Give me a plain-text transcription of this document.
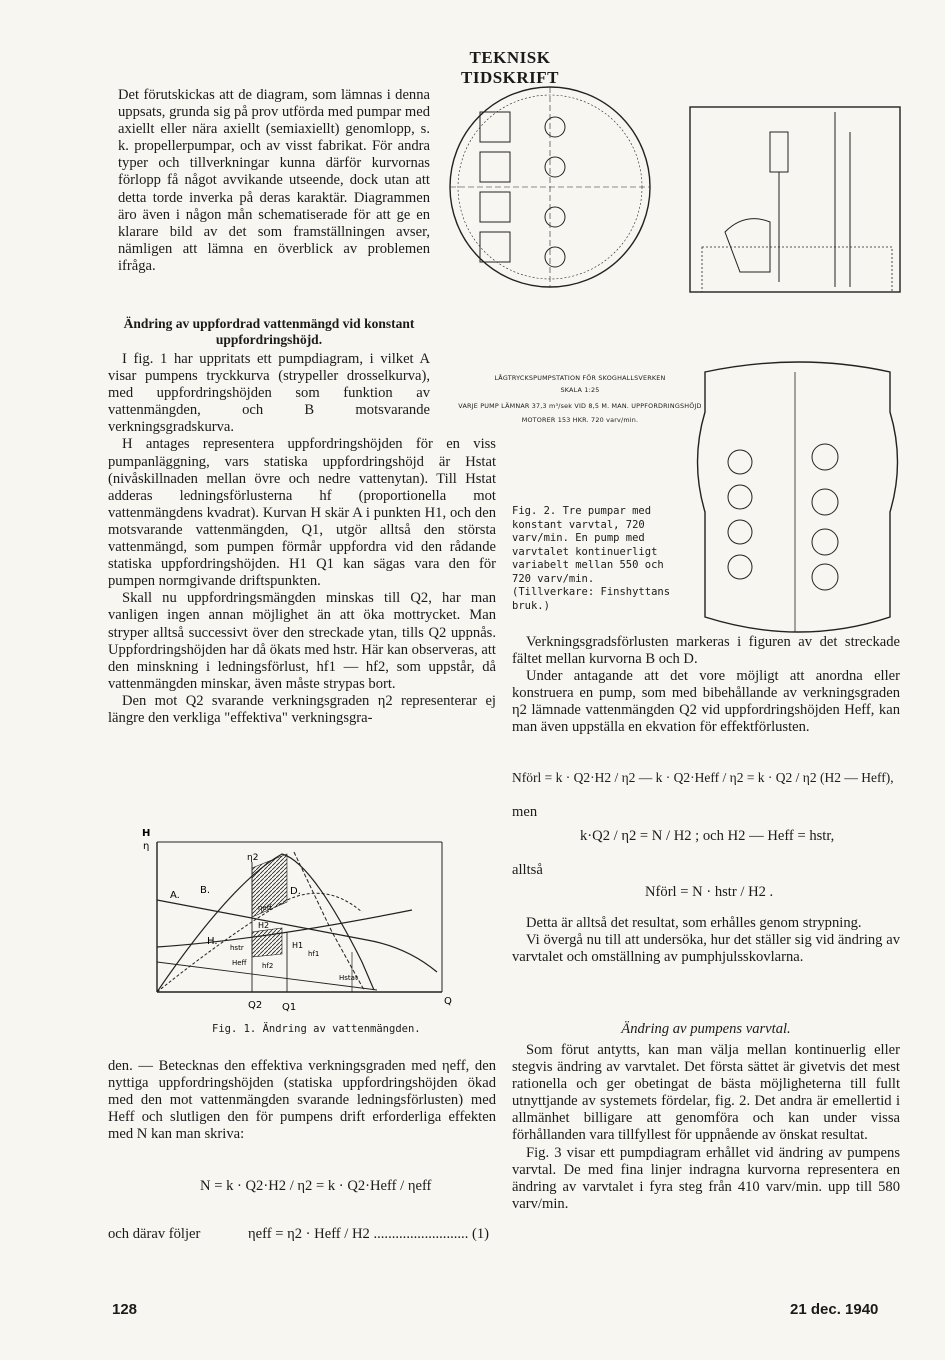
TEKNISK TIDSKRIFT

Det förutskickas att de diagram, som lämnas i denna uppsats, grunda sig på prov utförda med pumpar med axiellt eller nära axiellt (semiaxiellt) genomlopp, s. k. propellerpumpar, och av visst fabrikat. För andra typer och tillverkningar kunna därför kurvornas förlopp få något avvikande utseende, dock utan att detta torde inverka på deras karaktär. Diagrammen äro även i någon mån schematiserade för att ge en klarare bild av det som framställningen avser, nämligen att lämna en överblick av problemen ifråga.

Ändring av uppfordrad vattenmängd vid konstant uppfordringshöjd.

I fig. 1 har uppritats ett pumpdiagram, i vilket A visar pumpens tryckkurva (strypeller drosselkurva), med uppfordringshöjden som funktion av vattenmängden, och B motsvarande verkningsgradskurva.

H antages representera uppfordringshöjden för en viss pumpanläggning, vars statiska uppfordringshöjd är Hstat (nivåskillnaden mellan övre och nedre vattenytan). Till Hstat adderas ledningsförlusterna hf (proportionella mot vattenmängdens kvadrat). Kurvan H skär A i punkten H1, och den motsvarande vattenmängden, Q1, utgör alltså den största vattenmängd, som pumpen förmår uppfordra vid den rådande statiska uppfordringshöjden. H1 Q1 kan sägas vara den för pumpen normgivande driftspunkten.

Skall nu uppfordringsmängden minskas till Q2, har man vanligen ingen annan möjlighet än att öka mottrycket. Man stryper alltså successivt över den streckade ytan, tills Q2 uppnås. Uppfordringshöjden har då ökats med hstr. Här kan observeras, att den minskning i ledningsförlust, hf1 — hf2, som uppstår, då vattenmängden minskar, även måste strypas bort.

Den mot Q2 svarande verkningsgraden η2 representerar ej längre den verkliga "effektiva" verkningsgra-

H
η
A. B.	D.
H.
η2
ηeff
H2
H1
hstr
hf1
hf2
Heff
Hstat
Q2 Q1
Q
Fig. 1. Ändring av vattenmängden.

den. — Betecknas den effektiva verkningsgraden med ηeff, den nyttiga uppfordringshöjden (statiska uppfordringshöjden ökad med den mot vattenmängden svarande ledningsförlusten) med Heff och slutligen den för pumpens drift erforderliga effekten med N kan man skriva:

N = k · Q2·H2 / η2 = k · Q2·Heff / ηeff
och därav följer	ηeff = η2 · Heff / H2 .......................... (1)
LÅGTRYCKSPUMPSTATION FÖR SKOGHALLSVERKEN
SKALA 1:25
VARJE PUMP LÄMNAR 37,3 m³/sek VID 8,5 M. MAN. UPPFORDRINGSHÖJD
MOTORER 153 HKR. 720 varv/min.
Fig. 2. Tre pumpar med konstant varvtal, 720 varv/min. En pump med varvtalet kontinuerligt variabelt mellan 550 och 720 varv/min. (Tillverkare: Finshyttans bruk.)

Verkningsgradsförlusten markeras i figuren av det streckade fältet mellan kurvorna B och D.

Under antagande att det vore möjligt att anordna eller konstruera en pump, som med bibehållande av verkningsgraden η2 lämnade vattenmängden Q2 vid uppfordringshöjden Heff, kan man även uppställa en ekvation för effektförlusten.

Nförl = k · Q2·H2 / η2 — k · Q2·Heff / η2 = k · Q2 / η2 (H2 — Heff),
men
k·Q2 / η2 = N / H2 ; och H2 — Heff = hstr,
alltså
Nförl = N · hstr / H2 .

Detta är alltså det resultat, som erhålles genom strypning.

Vi övergå nu till att undersöka, hur det ställer sig vid ändring av varvtalet och omställning av pumphjulsskovlarna.

Ändring av pumpens varvtal.

Som förut antytts, kan man välja mellan kontinuerlig eller stegvis ändring av varvtalet. Det första sättet är givetvis det mest rationella och ger obetingat de bästa möjligheterna till fullt utnyttjande av systemets fördelar, fig. 2. Det andra är emellertid i allmänhet billigare att genomföra och kan under vissa förhållanden vara tillfyllest för uppnående av önskat resultat.

Fig. 3 visar ett pumpdiagram erhållet vid ändring av pumpens varvtal. De med fina linjer indragna kurvorna representera en ändring av varvtalet i fyra steg från 410 varv/min. upp till 580 varv/min.

128	21 dec. 1940
